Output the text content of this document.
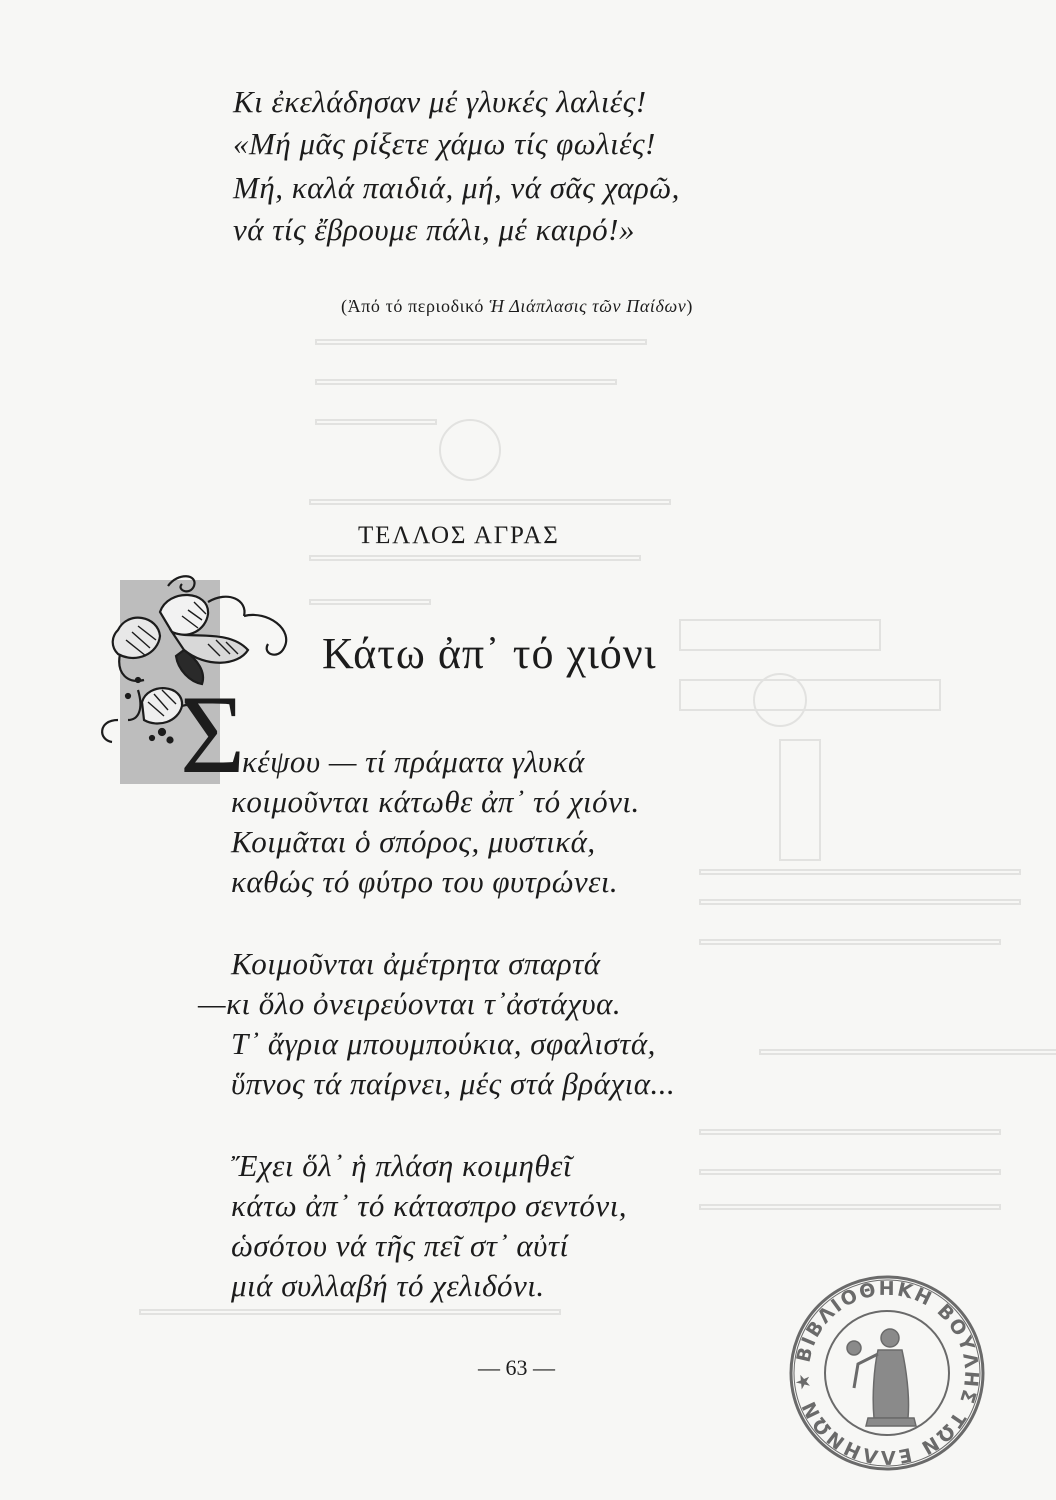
Κι ἐκελάδησαν μέ γλυκές λαλιές!
«Μή μᾶς ρίξετε χάμω τίς φωλιές!
Μή, καλά παιδιά, μή, νά σᾶς χαρῶ,
νά τίς ἔβρουμε πάλι, μέ καιρό!»
(Ἀπό τό περιοδικό Ἡ Διάπλασις τῶν Παίδων)
ΤΕΛΛΟΣ ΑΓΡΑΣ
Σ
Κάτω ἀπ᾽ τό χιόνι
κέψου — τί πράματα γλυκά
κοιμοῦνται κάτωθε ἀπ᾽ τό χιόνι.
Κοιμᾶται ὁ σπόρος, μυστικά,
καθώς τό φύτρο του φυτρώνει.
Κοιμοῦνται ἀμέτρητα σπαρτά
—κι ὅλο ὀνειρεύονται τ᾽ἀστάχυα.
Τ᾽ ἄγρια μπουμπούκια, σφαλιστά,
ὕπνος τά παίρνει, μές στά βράχια...
Ἔχει ὅλ᾽ ἡ πλάση κοιμηθεῖ
κάτω ἀπ᾽ τό κάτασπρο σεντόνι,
ὡσότου νά τῆς πεῖ στ᾽ αὐτί
μιά συλλαβή τό χελιδόνι.
— 63 —
ΒΙΒΛΙΟΘΗΚΗ ΒΟΥΛΗΣ ΤΩΝ ΕΛΛΗΝΩΝ ★
